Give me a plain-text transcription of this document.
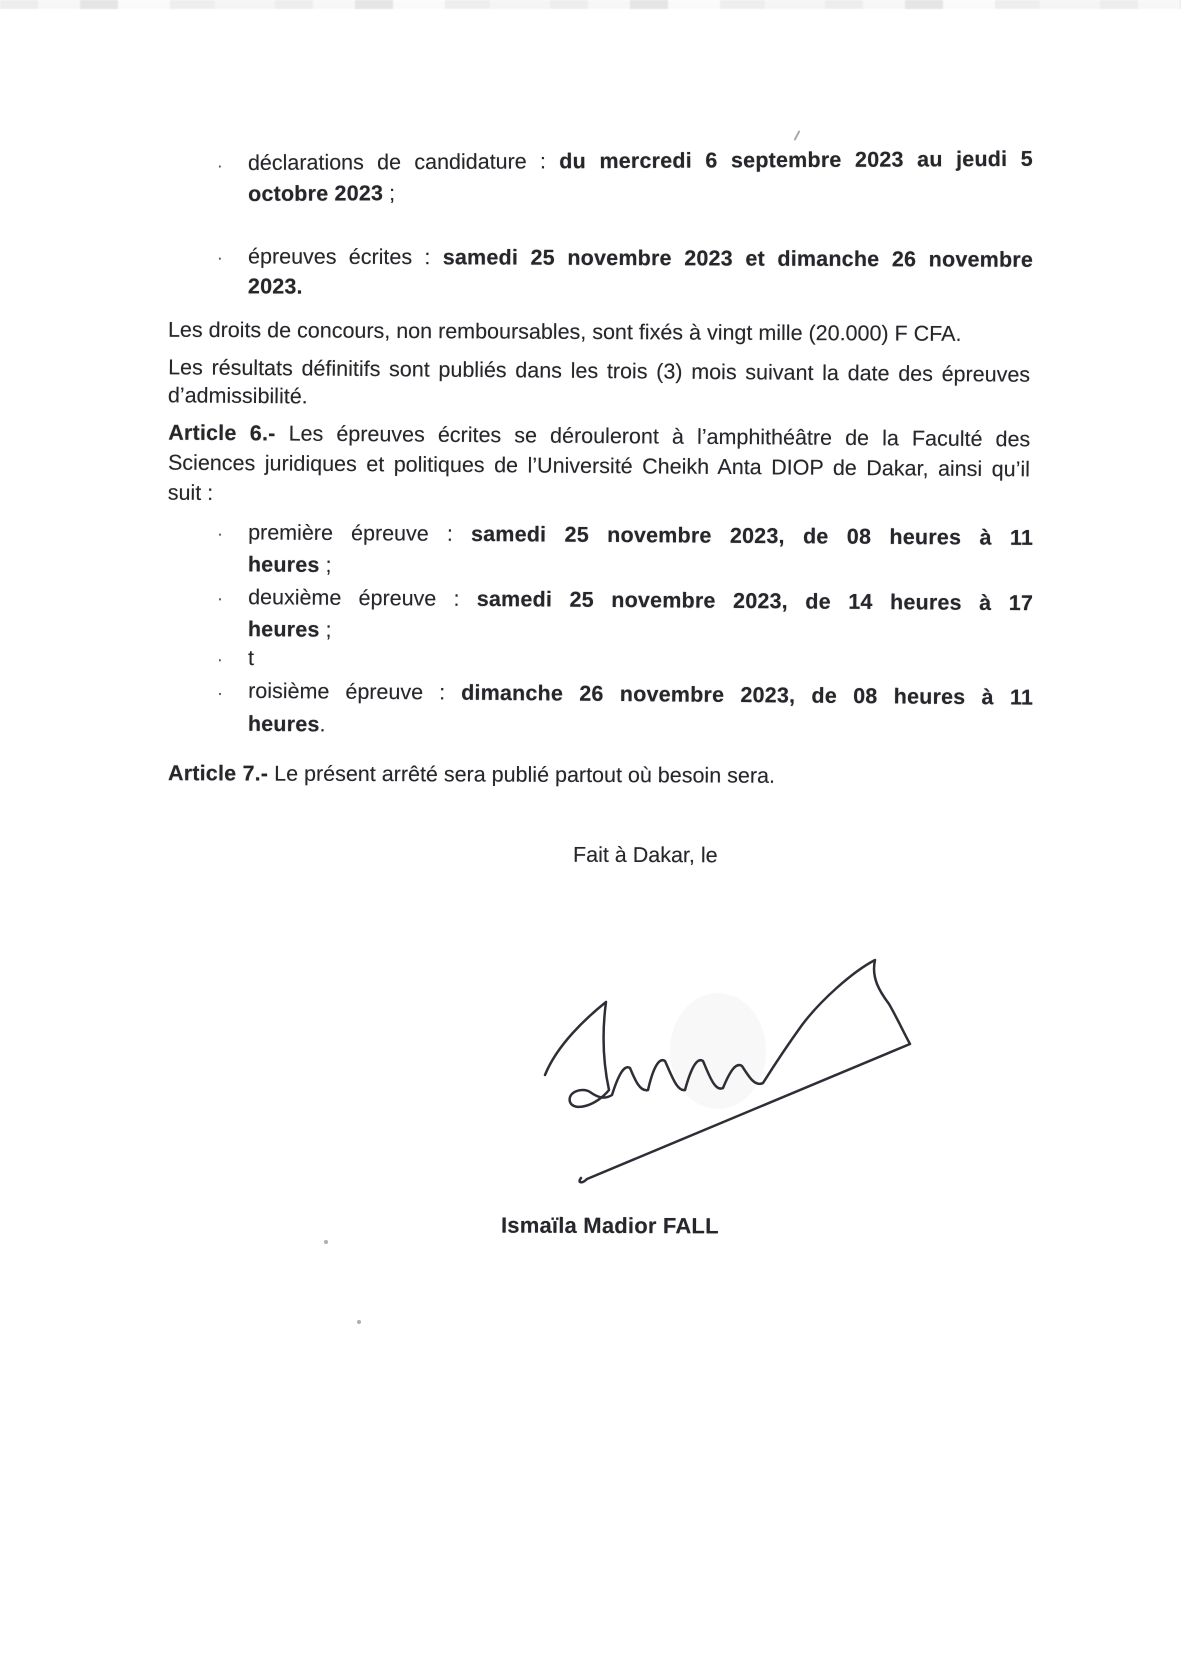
·	déclarations de candidature : du mercredi 6 septembre 2023 au jeudi 5
octobre 2023 ;
·	épreuves écrites : samedi 25 novembre 2023 et dimanche 26 novembre
2023.
Les droits de concours, non remboursables, sont fixés à vingt mille (20.000) F CFA.
Les résultats définitifs sont publiés dans les trois (3) mois suivant la date des épreuves
d’admissibilité.
Article 6.- Les épreuves écrites se dérouleront à l’amphithéâtre de la Faculté des
Sciences juridiques et politiques de l’Université Cheikh Anta DIOP de Dakar, ainsi qu’il
suit :
·	première épreuve : samedi 25 novembre 2023, de 08 heures à 11
heures ;
·	deuxième épreuve : samedi 25 novembre 2023, de 14 heures à 17
heures ;
·	t
·	roisième épreuve : dimanche 26 novembre 2023, de 08 heures à 11
heures.
Article 7.- Le présent arrêté sera publié partout où besoin sera.
Fait à Dakar, le
Ismaïla Madior FALL
